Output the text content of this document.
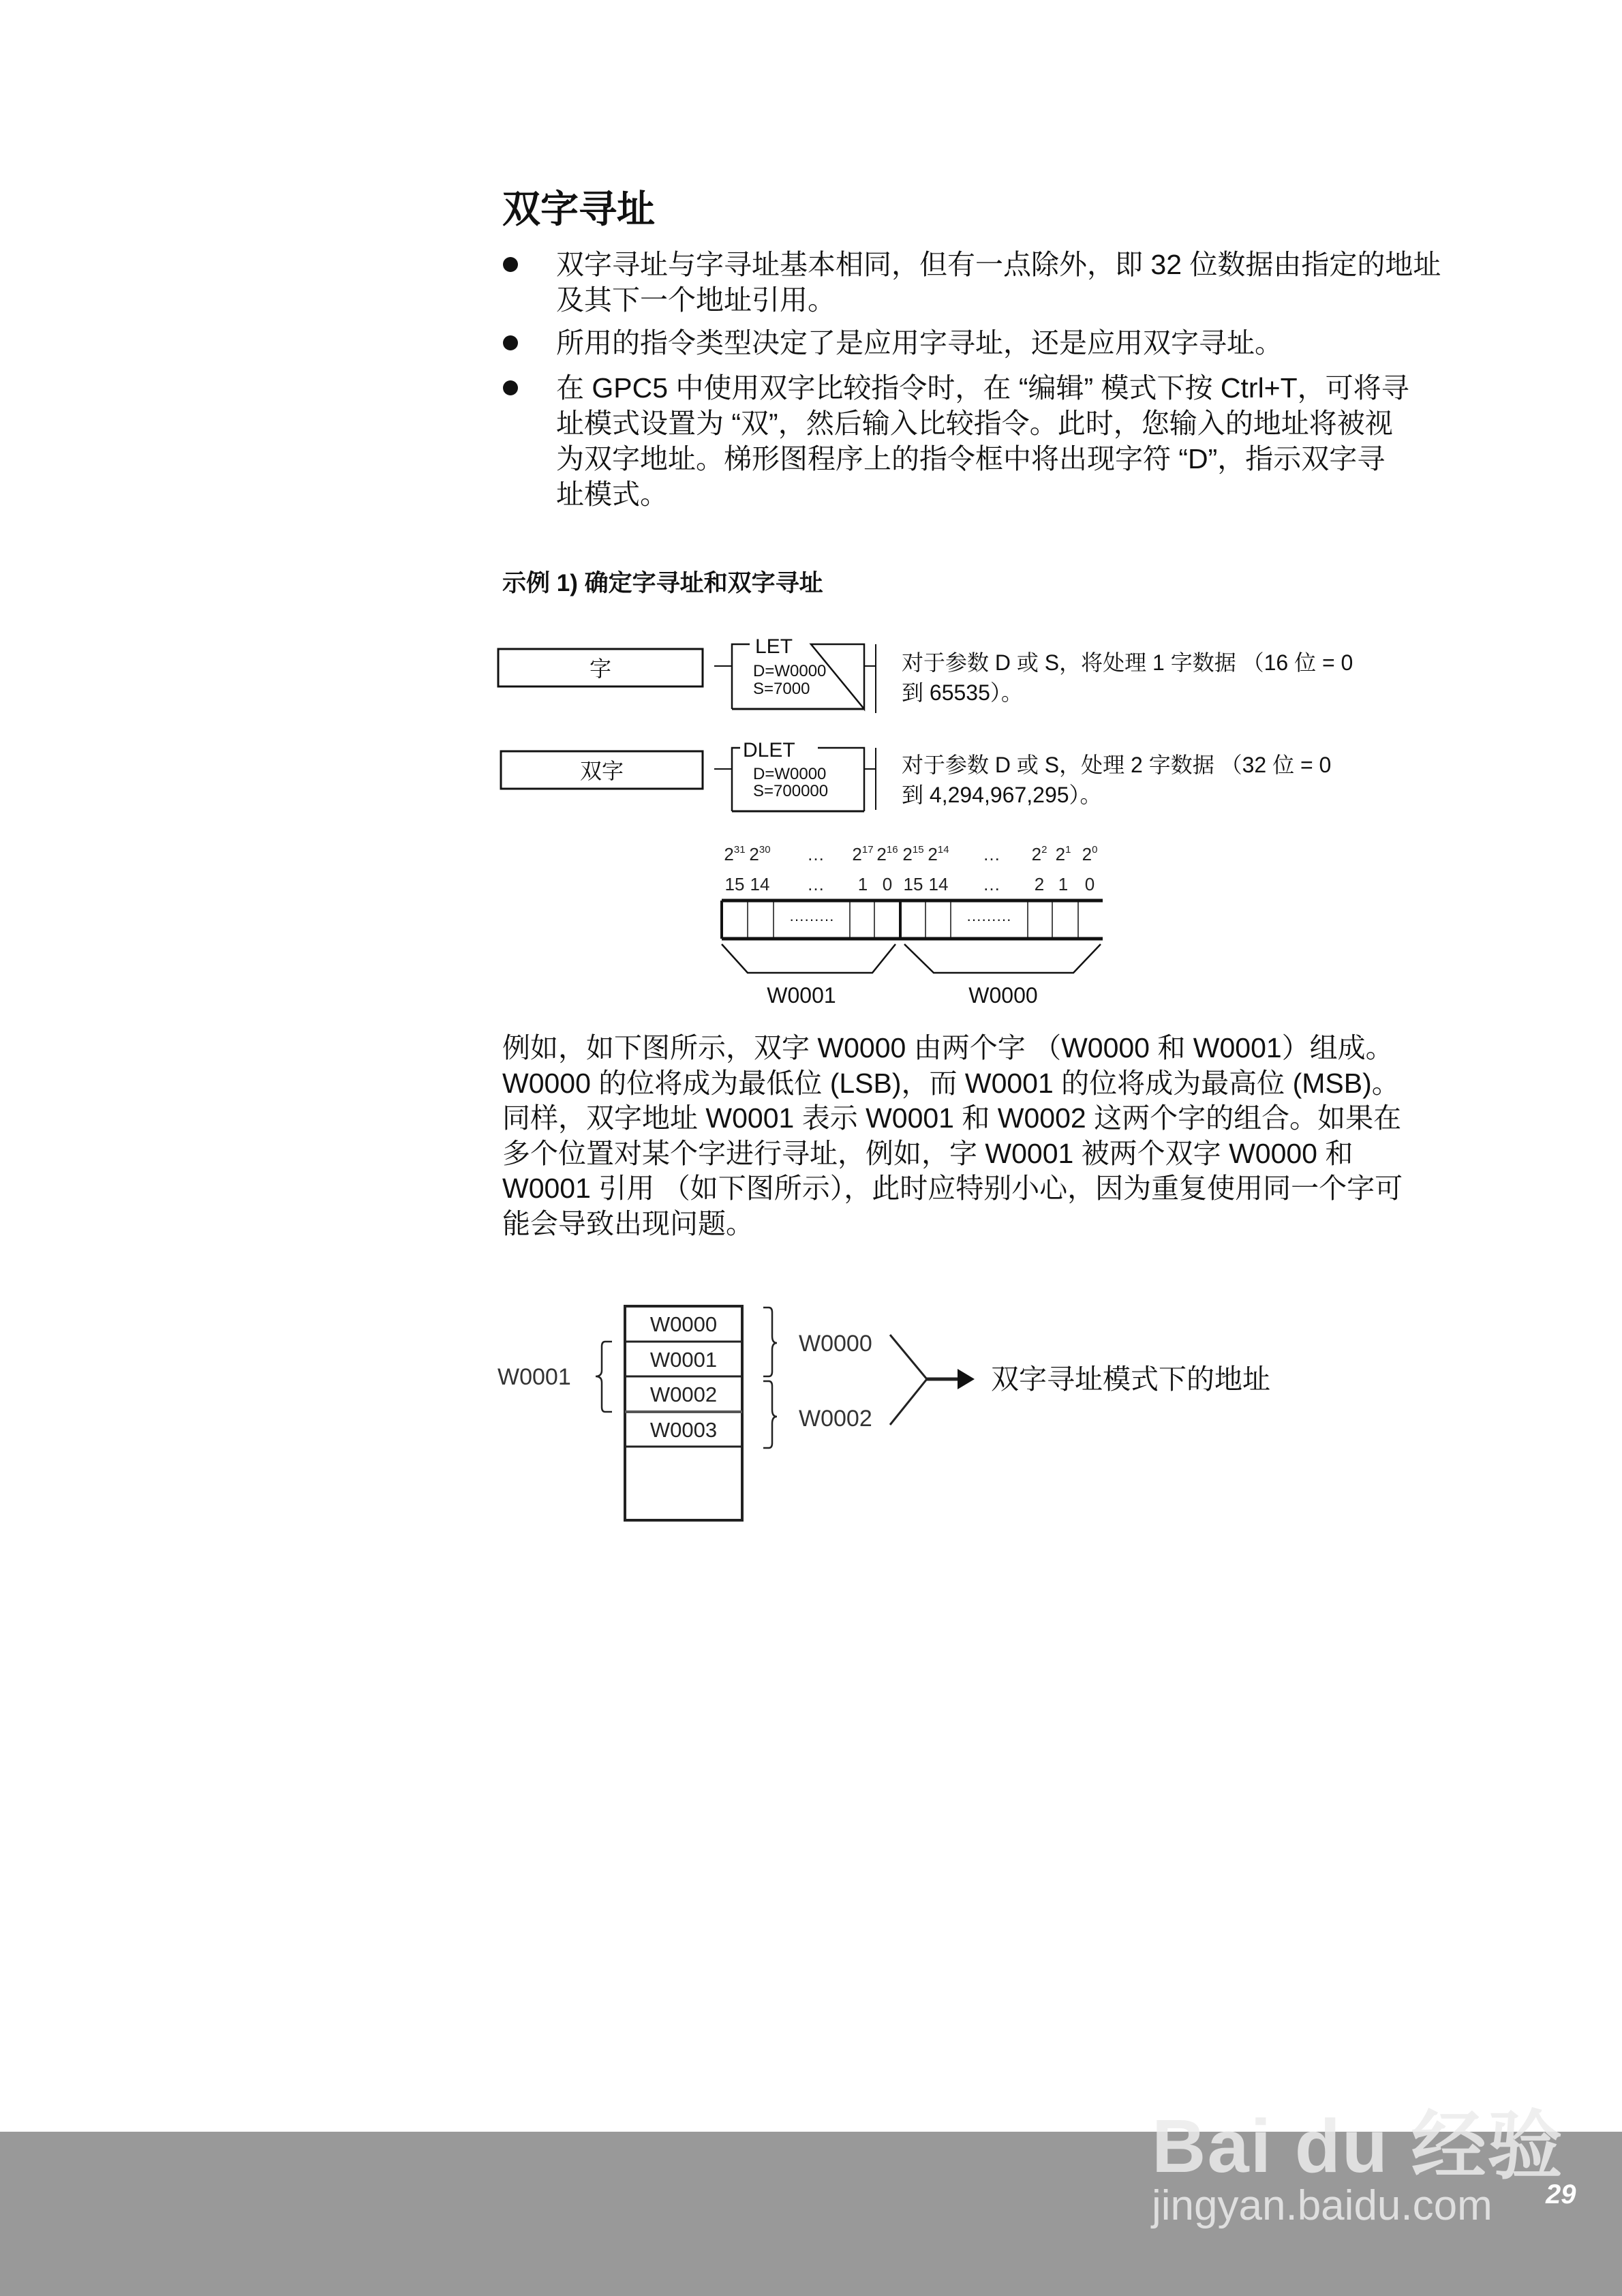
双字寻址
双字寻址与字寻址基本相同，但有一点除外，即 32 位数据由指定的地址
及其下一个地址引用。
所用的指令类型决定了是应用字寻址，还是应用双字寻址。
在 GPC5 中使用双字比较指令时，在 “编辑” 模式下按 Ctrl+T，可将寻
址模式设置为 “双”，然后输入比较指令。此时，您输入的地址将被视
为双字地址。梯形图程序上的指令框中将出现字符 “D”，指示双字寻
址模式。
示例 1) 确定字寻址和双字寻址
对于参数 D 或 S，将处理 1 字数据 （16 位 = 0
到 65535）。
对于参数 D 或 S，处理 2 字数据 （32 位 = 0
到 4,294,967,295）。
字
LET
D=W0000
S=7000
双字
DLET
D=W0000
S=700000
$2^{31}$ $2^{30}$ … $2^{17}$ $2^{16}$ $2^{15}$ $2^{14}$ … $2^2$ $2^1$ $2^0$
15 14 … 1 0 15 14 … 2 1 0
·········	·········
W0001	W0000
W0000
W0001
W0002
W0003
W0001
W0000
W0002
双字寻址模式下的地址
例如，如下图所示，双字 W0000 由两个字 （W0000 和 W0001）组成。
W0000 的位将成为最低位 (LSB)，而 W0001 的位将成为最高位 (MSB)。
同样，双字地址 W0001 表示 W0001 和 W0002 这两个字的组合。如果在
多个位置对某个字进行寻址，例如，字 W0001 被两个双字 W0000 和
W0001 引用 （如下图所示），此时应特别小心，因为重复使用同一个字可
能会导致出现问题。
Bai du 经验
jingyan.baidu.com 29
